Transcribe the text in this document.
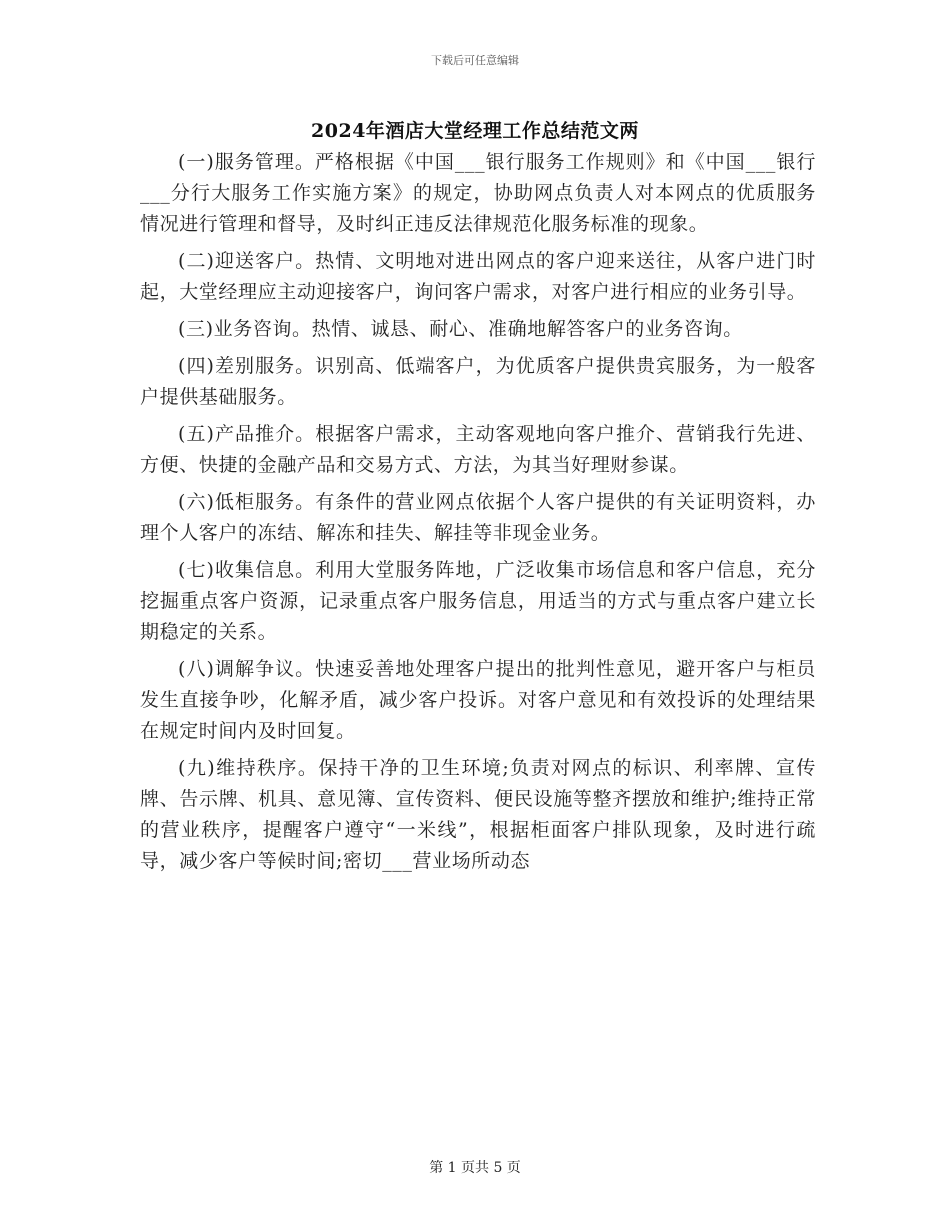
下载后可任意编辑
2024年酒店大堂经理工作总结范文两

(一)服务管理。严格根据《中国___银行服务工作规则》和《中国___银行___分行大服务工作实施方案》的规定，协助网点负责人对本网点的优质服务情况进行管理和督导，及时纠正违反法律规范化服务标准的现象。

(二)迎送客户。热情、文明地对进出网点的客户迎来送往，从客户进门时起，大堂经理应主动迎接客户，询问客户需求，对客户进行相应的业务引导。

(三)业务咨询。热情、诚恳、耐心、准确地解答客户的业务咨询。

(四)差别服务。识别高、低端客户，为优质客户提供贵宾服务，为一般客户提供基础服务。

(五)产品推介。根据客户需求，主动客观地向客户推介、营销我行先进、方便、快捷的金融产品和交易方式、方法，为其当好理财参谋。

(六)低柜服务。有条件的营业网点依据个人客户提供的有关证明资料，办理个人客户的冻结、解冻和挂失、解挂等非现金业务。

(七)收集信息。利用大堂服务阵地，广泛收集市场信息和客户信息，充分挖掘重点客户资源，记录重点客户服务信息，用适当的方式与重点客户建立长期稳定的关系。

(八)调解争议。快速妥善地处理客户提出的批判性意见，避开客户与柜员发生直接争吵，化解矛盾，减少客户投诉。对客户意见和有效投诉的处理结果在规定时间内及时回复。

(九)维持秩序。保持干净的卫生环境;负责对网点的标识、利率牌、宣传牌、告示牌、机具、意见簿、宣传资料、便民设施等整齐摆放和维护;维持正常的营业秩序，提醒客户遵守“一米线”，根据柜面客户排队现象，及时进行疏导，减少客户等候时间;密切___营业场所动态

第 1 页共 5 页
